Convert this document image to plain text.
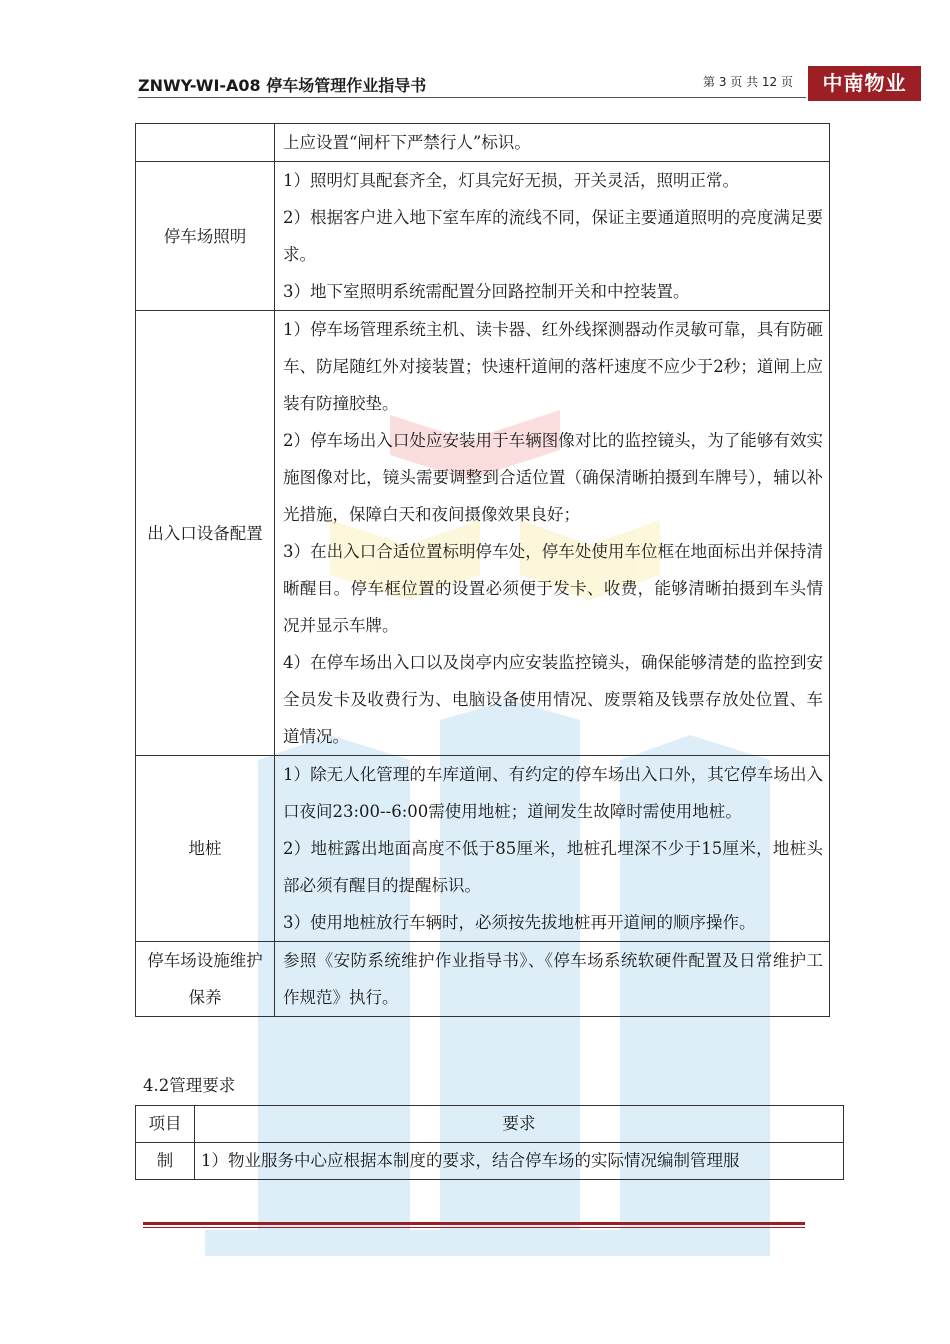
ZNWY-WI-A08 停车场管理作业指导书	第 3 页 共 12 页	中南物业
	上应设置“闸杆下严禁行人”标识。
停车场照明	1）照明灯具配套齐全，灯具完好无损，开关灵活，照明正常。
2）根据客户进入地下室车库的流线不同，保证主要通道照明的亮度满足要求。
3）地下室照明系统需配置分回路控制开关和中控装置。

出入口设备配置	1）停车场管理系统主机、读卡器、红外线探测器动作灵敏可靠，具有防砸车、防尾随红外对接装置；快速杆道闸的落杆速度不应少于2秒；道闸上应装有防撞胶垫。
2）停车场出入口处应安装用于车辆图像对比的监控镜头，为了能够有效实施图像对比，镜头需要调整到合适位置（确保清晰拍摄到车牌号），辅以补光措施，保障白天和夜间摄像效果良好；
3）在出入口合适位置标明停车处，停车处使用车位框在地面标出并保持清晰醒目。停车框位置的设置必须便于发卡、收费，能够清晰拍摄到车头情况并显示车牌。
4）在停车场出入口以及岗亭内应安装监控镜头，确保能够清楚的监控到安全员发卡及收费行为、电脑设备使用情况、废票箱及钱票存放处位置、车道情况。

地桩	1）除无人化管理的车库道闸、有约定的停车场出入口外，其它停车场出入口夜间23:00--6:00需使用地桩；道闸发生故障时需使用地桩。
2）地桩露出地面高度不低于85厘米，地桩孔埋深不少于15厘米，地桩头部必须有醒目的提醒标识。
3）使用地桩放行车辆时，必须按先拔地桩再开道闸的顺序操作。

停车场设施维护保养	参照《安防系统维护作业指导书》、《停车场系统软硬件配置及日常维护工作规范》执行。
4.2管理要求
项目	要求
制	1）物业服务中心应根据本制度的要求，结合停车场的实际情况编制管理服
